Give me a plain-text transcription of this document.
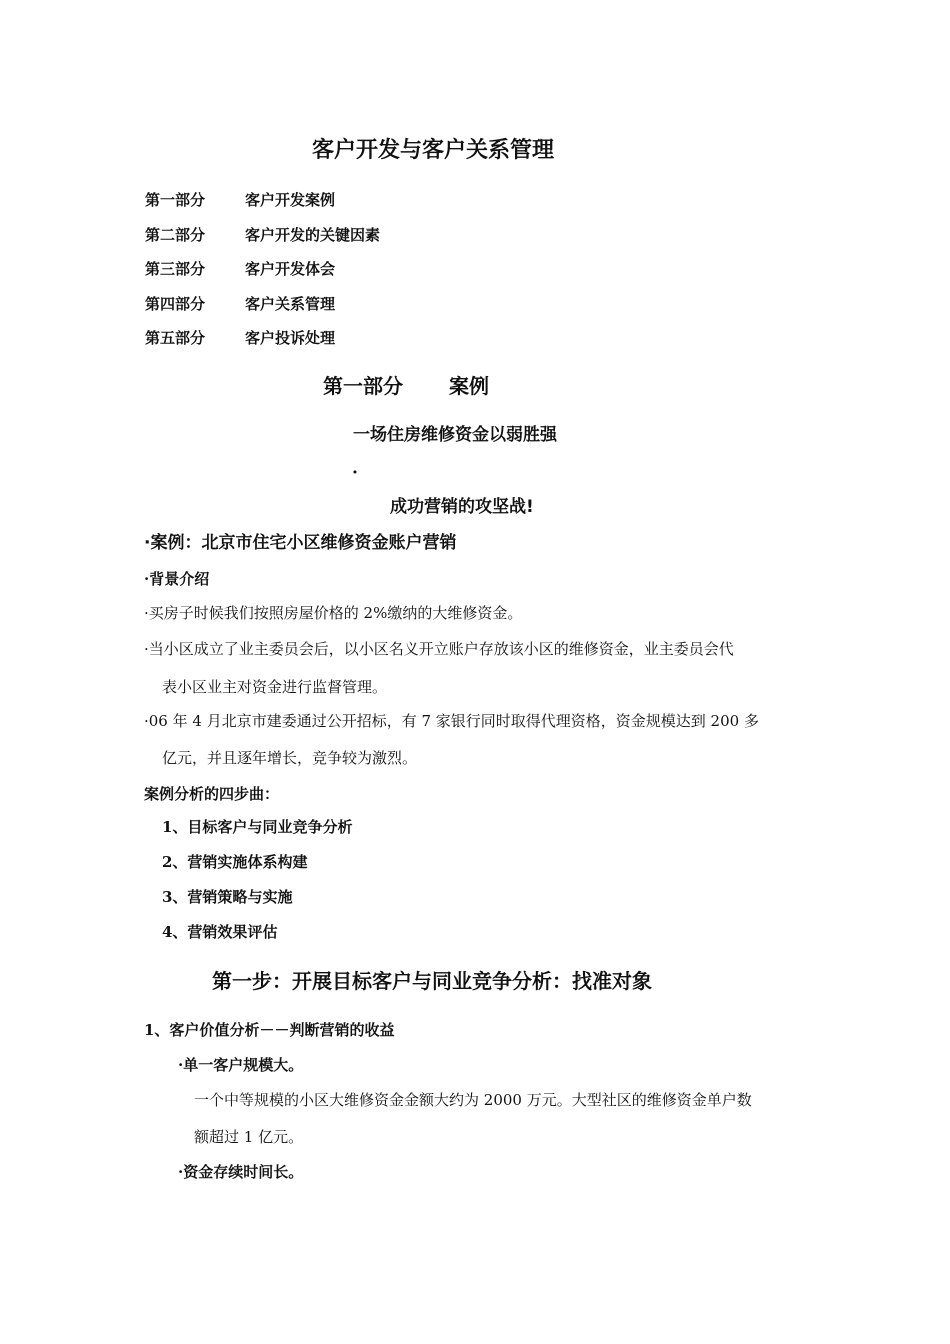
客户开发与客户关系管理
第一部分	客户开发案例
第二部分	客户开发的关键因素
第三部分	客户开发体会
第四部分	客户关系管理
第五部分	客户投诉处理
第一部分 案例
一场住房维修资金以弱胜强
·
成功营销的攻坚战!
·案例：北京市住宅小区维修资金账户营销
·背景介绍
·买房子时候我们按照房屋价格的 2%缴纳的大维修资金。
·当小区成立了业主委员会后，以小区名义开立账户存放该小区的维修资金，业主委员会代
表小区业主对资金进行监督管理。
·06 年 4 月北京市建委通过公开招标，有 7 家银行同时取得代理资格，资金规模达到 200 多
亿元，并且逐年增长，竞争较为激烈。
案例分析的四步曲：
1、目标客户与同业竞争分析
2、营销实施体系构建
3、营销策略与实施
4、营销效果评估
第一步：开展目标客户与同业竞争分析：找准对象
1、客户价值分析－－判断营销的收益
·单一客户规模大。
一个中等规模的小区大维修资金金额大约为 2000 万元。大型社区的维修资金单户数
额超过 1 亿元。
·资金存续时间长。
